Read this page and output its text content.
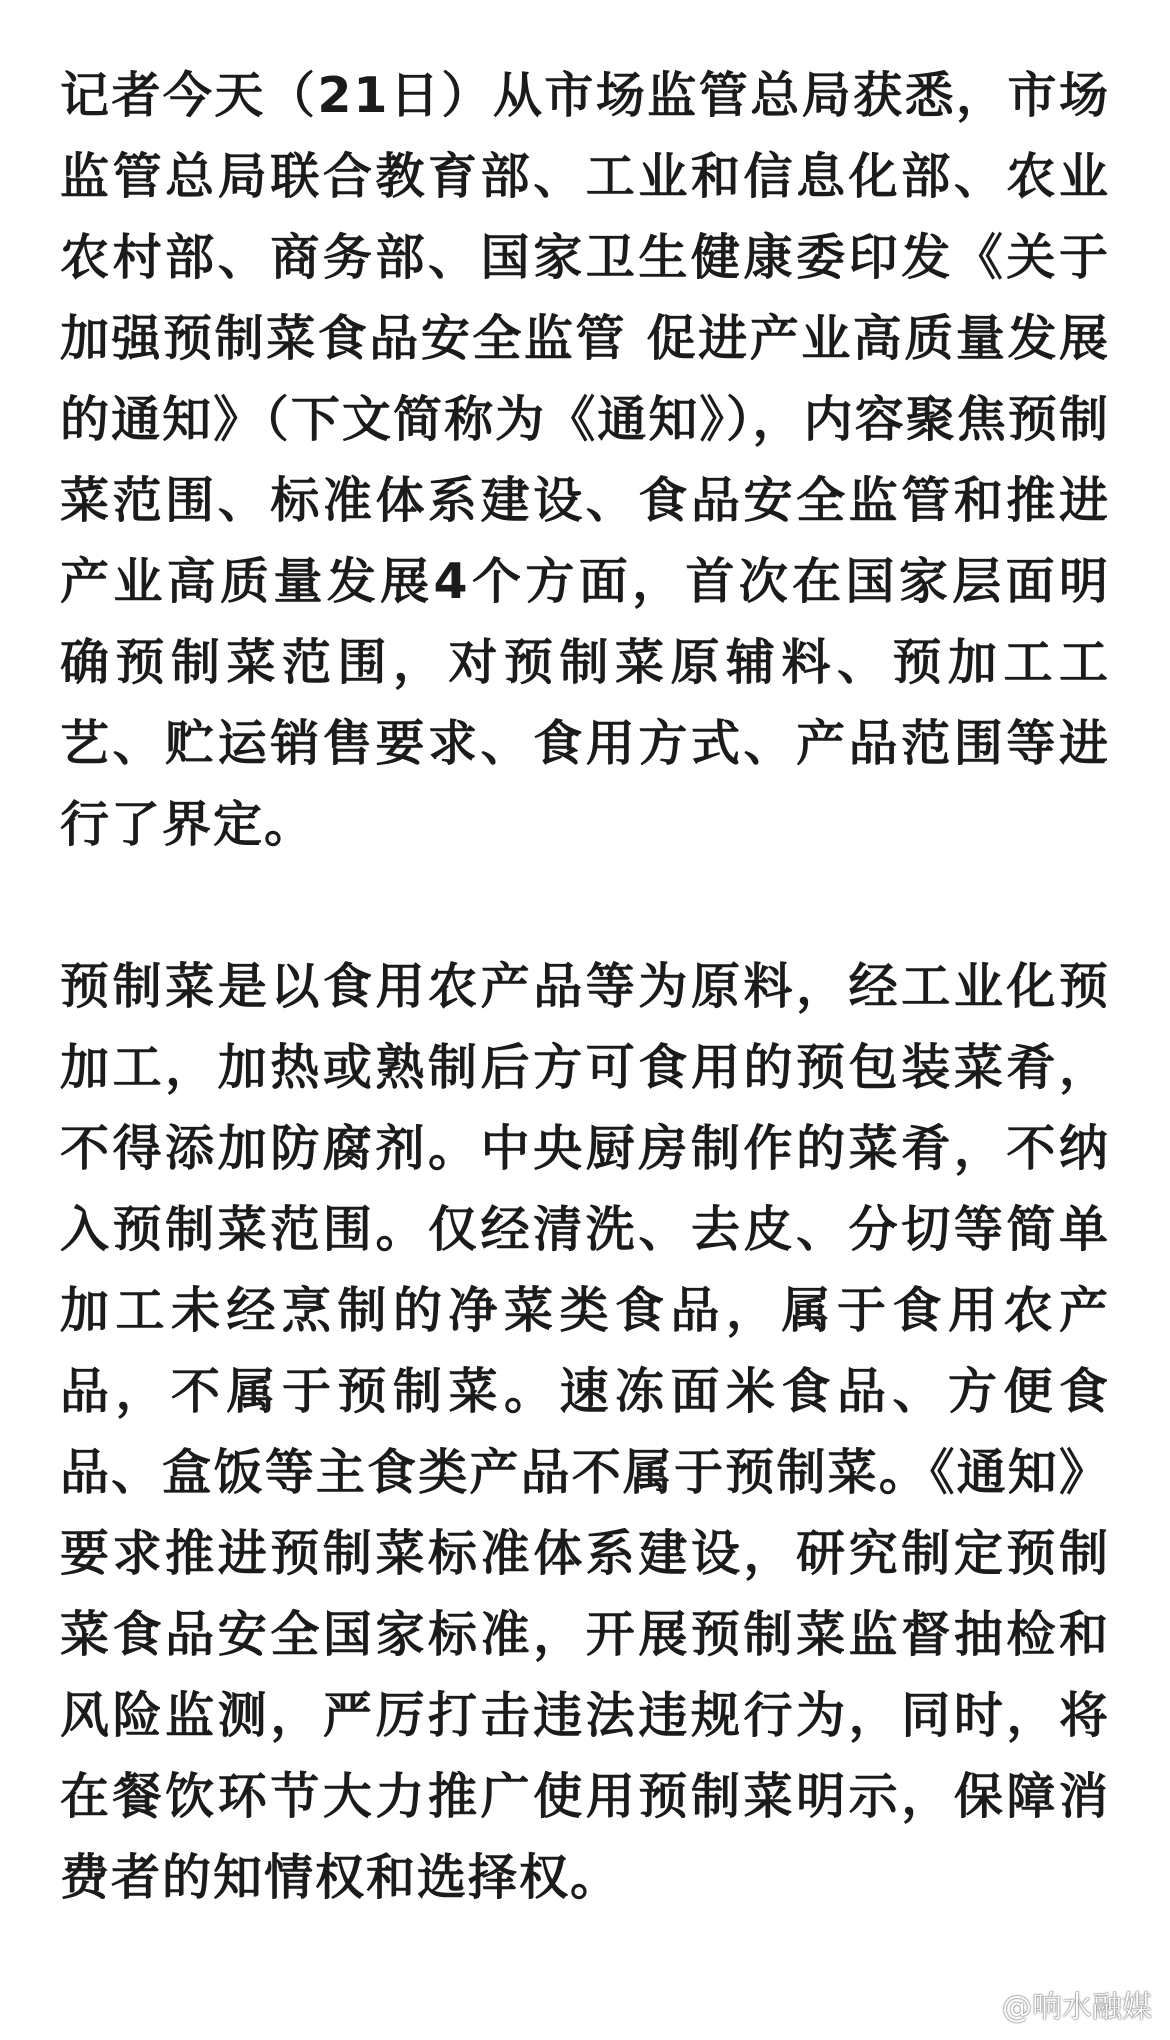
记者今天（21日）从市场监管总局获悉，市场监管总局联合教育部、工业和信息化部、农业农村部、商务部、国家卫生健康委印发《关于加强预制菜食品安全监管 促进产业高质量发展的通知》（下文简称为《通知》），内容聚焦预制菜范围、标准体系建设、食品安全监管和推进产业高质量发展4个方面，首次在国家层面明确预制菜范围，对预制菜原辅料、预加工工艺、贮运销售要求、食用方式、产品范围等进行了界定。

预制菜是以食用农产品等为原料，经工业化预加工，加热或熟制后方可食用的预包装菜肴，不得添加防腐剂。中央厨房制作的菜肴，不纳入预制菜范围。仅经清洗、去皮、分切等简单加工未经烹制的净菜类食品，属于食用农产品，不属于预制菜。速冻面米食品、方便食品、盒饭等主食类产品不属于预制菜。《通知》要求推进预制菜标准体系建设，研究制定预制菜食品安全国家标准，开展预制菜监督抽检和风险监测，严厉打击违法违规行为，同时，将在餐饮环节大力推广使用预制菜明示，保障消费者的知情权和选择权。

@响水融媒
